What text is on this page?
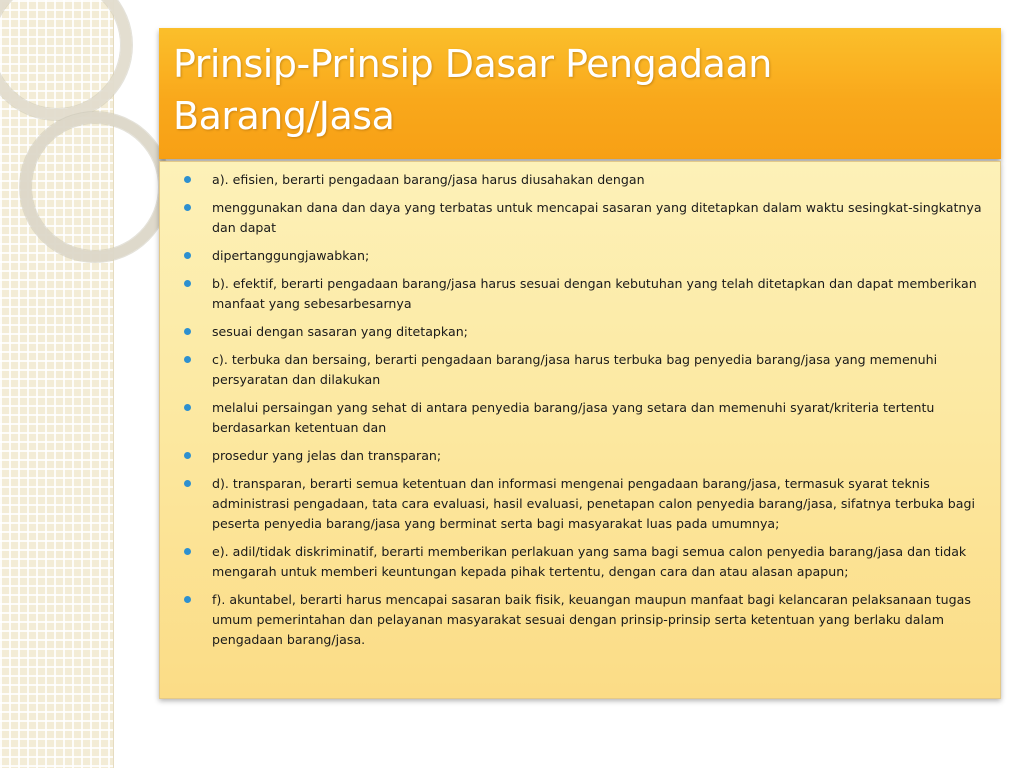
Prinsip-Prinsip Dasar Pengadaan
Barang/Jasa
a). efisien, berarti pengadaan barang/jasa harus diusahakan dengan
menggunakan dana dan daya yang terbatas untuk mencapai sasaran yang ditetapkan dalam waktu sesingkat-singkatnya dan dapat
dipertanggungjawabkan;
b). efektif, berarti pengadaan barang/jasa harus sesuai dengan kebutuhan yang telah ditetapkan dan dapat memberikan manfaat yang sebesarbesarnya
sesuai dengan sasaran yang ditetapkan;
c). terbuka dan bersaing, berarti pengadaan barang/jasa harus terbuka bag penyedia barang/jasa yang memenuhi persyaratan dan dilakukan
melalui persaingan yang sehat di antara penyedia barang/jasa yang setara dan memenuhi syarat/kriteria tertentu berdasarkan ketentuan dan
prosedur yang jelas dan transparan;
d). transparan, berarti semua ketentuan dan informasi mengenai pengadaan barang/jasa, termasuk syarat teknis administrasi pengadaan, tata cara evaluasi, hasil evaluasi, penetapan calon penyedia barang/jasa, sifatnya terbuka bagi peserta penyedia barang/jasa yang berminat serta bagi masyarakat luas pada umumnya;
e). adil/tidak diskriminatif, berarti memberikan perlakuan yang sama bagi semua calon penyedia barang/jasa dan tidak mengarah untuk memberi keuntungan kepada pihak tertentu, dengan cara dan atau alasan apapun;
f). akuntabel, berarti harus mencapai sasaran baik fisik, keuangan maupun manfaat bagi kelancaran pelaksanaan tugas umum pemerintahan dan pelayanan masyarakat sesuai dengan prinsip-prinsip serta ketentuan yang berlaku dalam pengadaan barang/jasa.
